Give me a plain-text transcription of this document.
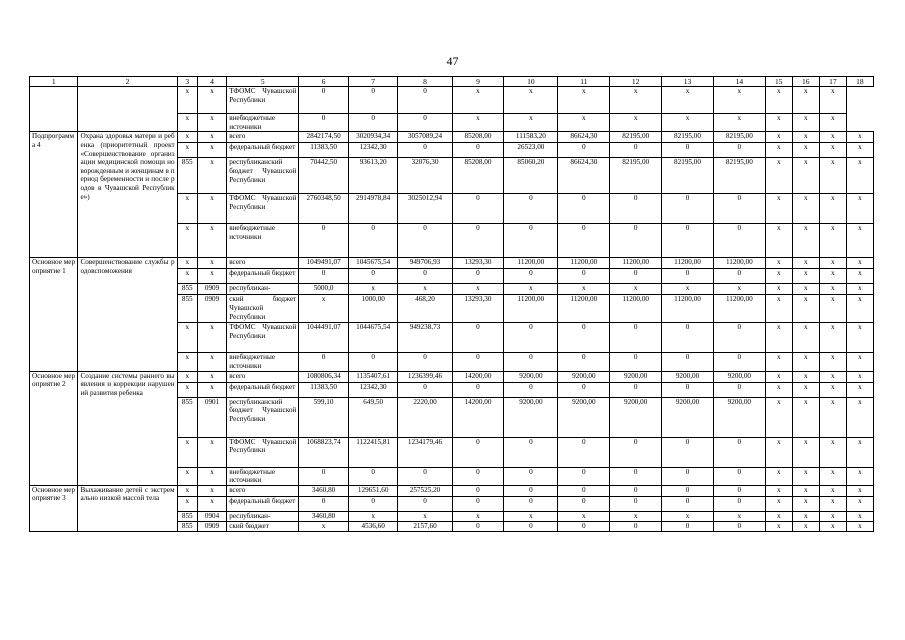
47
1	2	3	4	5	6	7	8	9	10	11	12	13	14	15	16	17	18
		x	x	ТФОМС Чувашской Республики	0	0	0	x	x	x	x	x	x	x	x	x	
		x	x	внебюджетные источники	0	0	0	x	x	x	x	x	x	x	x	x	
Подпрограмма 4	Охрана здоровья матери и ребенка (приоритетный проект «Совершенствование организации медицинской помощи новорожденным и женщинам в период беременности и после родов в Чувашской Республике»)	x	x	всего	2842174,50	3020934,34	3057089,24	85208,00	111583,20	86624,30	82195,00	82195,00	82195,00	x	x	x	x
		x	x	федеральный бюджет	11383,50	12342,30	0	0	26523,00	0	0	0	0	x	x	x	x
		855	x	республиканский бюджет Чувашской Республики	70442,50	93613,20	32076,30	85208,00	85060,20	86624,30	82195,00	82195,00	82195,00	x	x	x	x
		x	x	ТФОМС Чувашской Республики	2760348,50	2914978,84	3025012,94	0	0	0	0	0	0	x	x	x	x
		x	x	внебюджетные источники	0	0	0	0	0	0	0	0	0	x	x	x	x
Основное мероприятие 1	Совершенствование службы родовспоможения	x	x	всего	1049491,07	1045675,54	949706,93	13293,30	11200,00	11200,00	11200,00	11200,00	11200,00	x	x	x	x
		x	x	федеральный бюджет	0	0	0	0	0	0	0	0	0	x	x	x	x
		855	0909	республикан-	5000,0	x	x	x	x	x	x	x	x	x	x	x	x
		855	0909	ский бюджет Чувашской Республики	x	1000,00	468,20	13293,30	11200,00	11200,00	11200,00	11200,00	11200,00	x	x	x	x
		x	x	ТФОМС Чувашской Республики	1044491,07	1044675,54	949238,73	0	0	0	0	0	0	x	x	x	x
		x	x	внебюджетные источники	0	0	0	0	0	0	0	0	0	x	x	x	x
Основное мероприятие 2	Создание системы раннего выявления и коррекции нарушений развития ребенка	x	x	всего	1080806,34	1135407,61	1236399,46	14200,00	9200,00	9200,00	9200,00	9200,00	9200,00	x	x	x	x
		x	x	федеральный бюджет	11383,50	12342,30	0	0	0	0	0	0	0	x	x	x	x
		855	0901	республиканский бюджет Чувашской Республики	599,10	649,50	2220,00	14200,00	9200,00	9200,00	9200,00	9200,00	9200,00	x	x	x	x
		x	x	ТФОМС Чувашской Республики	1068823,74	1122415,81	1234179,46	0	0	0	0	0	0	x	x	x	x
		x	x	внебюджетные источники	0	0	0	0	0	0	0	0	0	x	x	x	x
Основное мероприятие 3	Выхаживание детей с экстремально низкой массой тела	x	x	всего	3460,80	129651,60	257525,20	0	0	0	0	0	0	x	x	x	x
		x	x	федеральный бюджет	0	0	0	0	0	0	0	0	0	x	x	x	x
		855	0904	республикан-	3460,80	x	x	x	x	x	x	x	x	x	x	x	x
		855	0909	ский бюджет	x	4536,60	2157,60	0	0	0	0	0	0	x	x	x	x
